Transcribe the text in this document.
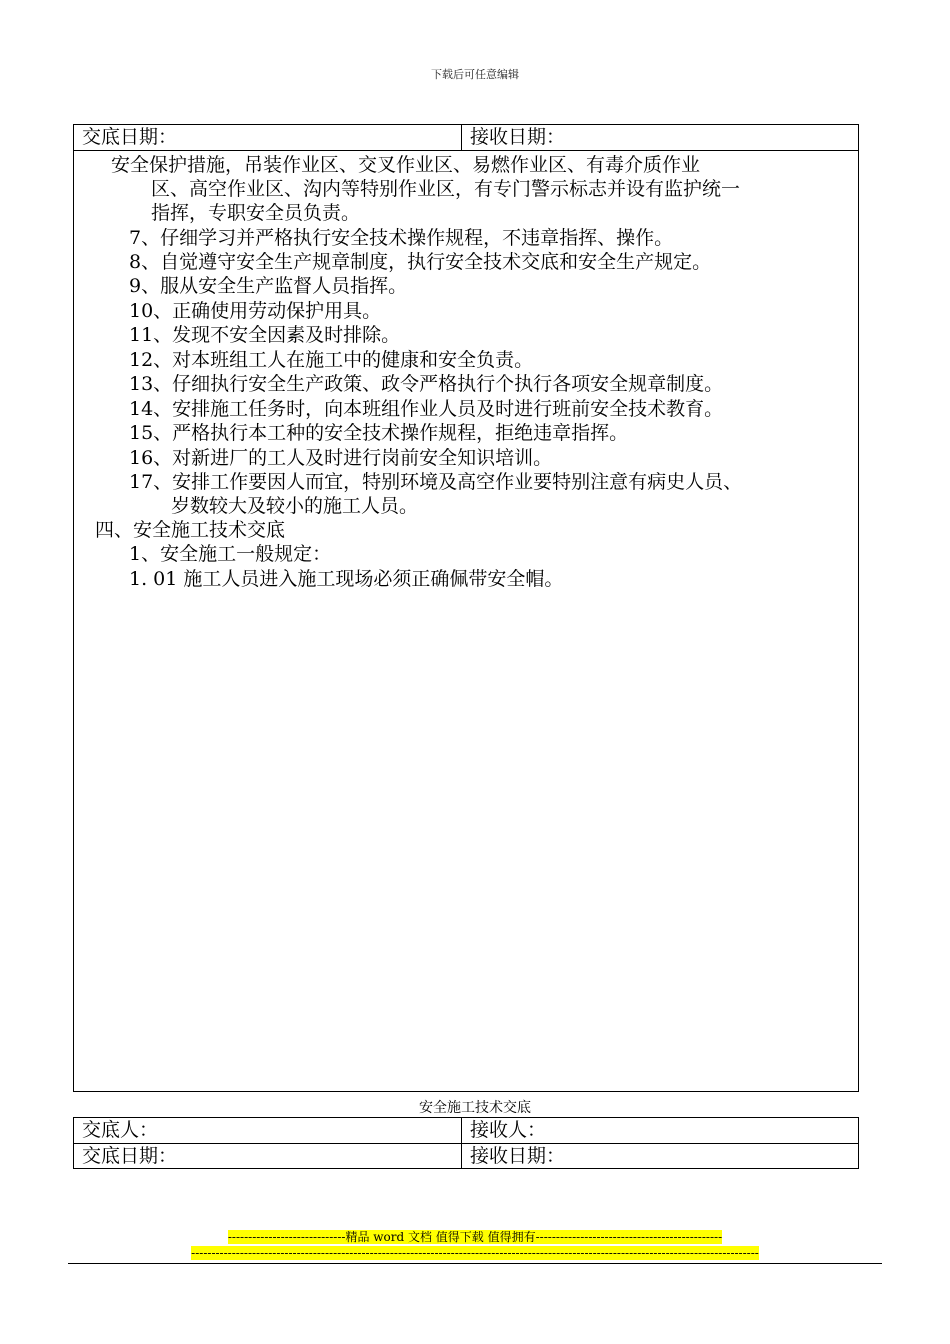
下载后可任意编辑
交底日期：	接收日期：
安全保护措施，吊装作业区、交叉作业区、易燃作业区、有毒介质作业
区、高空作业区、沟内等特别作业区，有专门警示标志并设有监护统一
指挥，专职安全员负责。
7、仔细学习并严格执行安全技术操作规程，不违章指挥、操作。
8、自觉遵守安全生产规章制度，执行安全技术交底和安全生产规定。
9、服从安全生产监督人员指挥。
10、正确使用劳动保护用具。
11、发现不安全因素及时排除。
12、对本班组工人在施工中的健康和安全负责。
13、仔细执行安全生产政策、政令严格执行个执行各项安全规章制度。
14、安排施工任务时，向本班组作业人员及时进行班前安全技术教育。
15、严格执行本工种的安全技术操作规程，拒绝违章指挥。
16、对新进厂的工人及时进行岗前安全知识培训。
17、安排工作要因人而宜，特别环境及高空作业要特别注意有病史人员、
岁数较大及较小的施工人员。
四、安全施工技术交底
1、安全施工一般规定：
1. 01 施工人员进入施工现场必须正确佩带安全帽。
安全施工技术交底
交底人：	接收人：
交底日期：	接收日期：
-----------------------------精品 word 文档 值得下载 值得拥有----------------------------------------------
--------------------------------------------------------------------------------------------------------------------------------------------
